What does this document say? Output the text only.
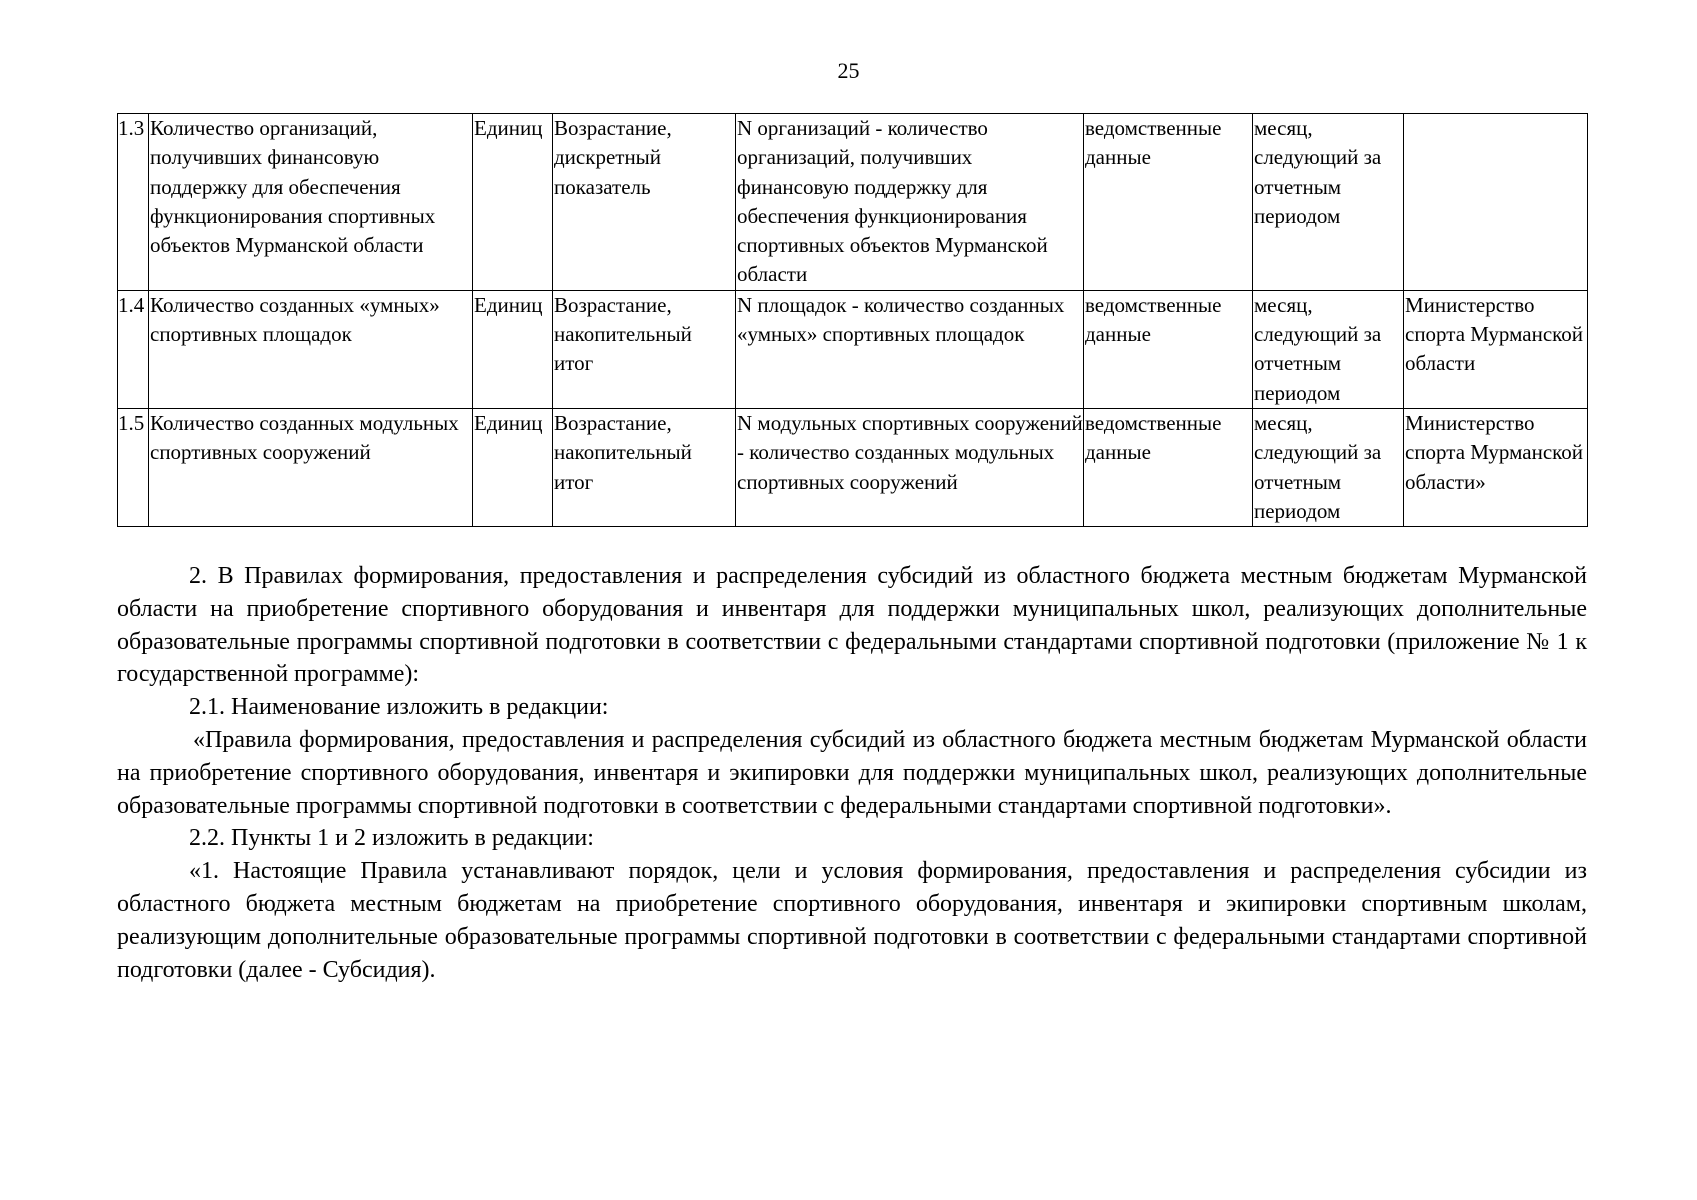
25
1.3	Количество организаций, получивших финансовую поддержку для обеспечения функционирования спортивных объектов Мурманской области	Единиц	Возрастание, дискретный показатель	N организаций - количество организаций, получивших финансовую поддержку для обеспечения функционирования спортивных объектов Мурманской области	ведомственные данные	месяц, следующий за отчетным периодом	
1.4	Количество созданных «умных» спортивных площадок	Единиц	Возрастание, накопительный итог	N площадок - количество созданных «умных» спортивных площадок	ведомственные данные	месяц, следующий за отчетным периодом	Министерство спорта Мурманской области
1.5	Количество созданных модульных спортивных сооружений	Единиц	Возрастание, накопительный итог	N модульных спортивных сооружений - количество созданных модульных спортивных сооружений	ведомственные данные	месяц, следующий за отчетным периодом	Министерство спорта Мурманской области»

2. В Правилах формирования, предоставления и распределения субсидий из областного бюджета местным бюджетам Мурманской области на приобретение спортивного оборудования и инвентаря для поддержки муниципальных школ, реализующих дополнительные образовательные программы спортивной подготовки в соответствии с федеральными стандартами спортивной подготовки (приложение № 1 к государственной программе):

2.1. Наименование изложить в редакции:

«Правила формирования, предоставления и распределения субсидий из областного бюджета местным бюджетам Мурманской области на приобретение спортивного оборудования, инвентаря и экипировки для поддержки муниципальных школ, реализующих дополнительные образовательные программы спортивной подготовки в соответствии с федеральными стандартами спортивной подготовки».

2.2. Пункты 1 и 2 изложить в редакции:

«1. Настоящие Правила устанавливают порядок, цели и условия формирования, предоставления и распределения субсидии из областного бюджета местным бюджетам на приобретение спортивного оборудования, инвентаря и экипировки спортивным школам, реализующим дополнительные образовательные программы спортивной подготовки в соответствии с федеральными стандартами спортивной подготовки (далее - Субсидия).
